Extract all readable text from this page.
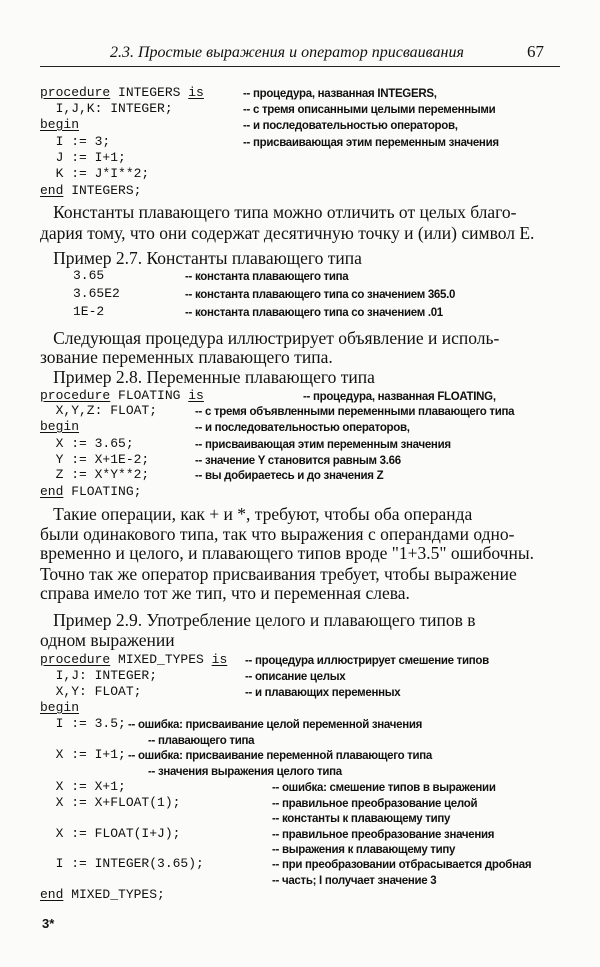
2.3. Простые выражения и оператор присваивания	67
procedure INTEGERS is	-- процедура, названная INTEGERS,
I,J,K: INTEGER;	-- с тремя описанными целыми переменными
begin	-- и последовательностью операторов,
I := 3;	-- присваивающая этим переменным значения
J := I+1;
K := J*I**2;
end INTEGERS;
Константы плавающего типа можно отличить от целых благо-
дария тому, что они содержат десятичную точку и (или) символ E.
Пример 2.7. Константы плавающего типа
3.65	-- константа плавающего типа
3.65E2	-- константа плавающего типа со значением 365.0
1E-2	-- константа плавающего типа со значением .01
Следующая процедура иллюстрирует объявление и исполь-
зование переменных плавающего типа.
Пример 2.8. Переменные плавающего типа
procedure FLOATING is	-- процедура, названная FLOATING,
X,Y,Z: FLOAT;	-- с тремя объявленными переменными плавающего типа
begin	-- и последовательностью операторов,
X := 3.65;	-- присваивающая этим переменным значения
Y := X+1E-2;	-- значение Y становится равным 3.66
Z := X*Y**2;	-- вы добираетесь и до значения Z
end FLOATING;
Такие операции, как + и *, требуют, чтобы оба операнда
были одинакового типа, так что выражения с операндами одно-
временно и целого, и плавающего типов вроде "1+3.5" ошибочны.
Точно так же оператор присваивания требует, чтобы выражение
справа имело тот же тип, что и переменная слева.
Пример 2.9. Употребление целого и плавающего типов в
одном выражении
procedure MIXED_TYPES is -- процедура иллюстрирует смешение типов
I,J: INTEGER;	-- описание целых
X,Y: FLOAT;	-- и плавающих переменных
begin
I := 3.5; -- ошибка: присваивание целой переменной значения
-- плавающего типа
X := I+1; -- ошибка: присваивание переменной плавающего типа
-- значения выражения целого типа
X := X+1;	-- ошибка: смешение типов в выражении
X := X+FLOAT(1);	-- правильное преобразование целой
-- константы к плавающему типу
X := FLOAT(I+J);	-- правильное преобразование значения
-- выражения к плавающему типу
I := INTEGER(3.65);	-- при преобразовании отбрасывается дробная
-- часть; I получает значение 3
end MIXED_TYPES;
3*
